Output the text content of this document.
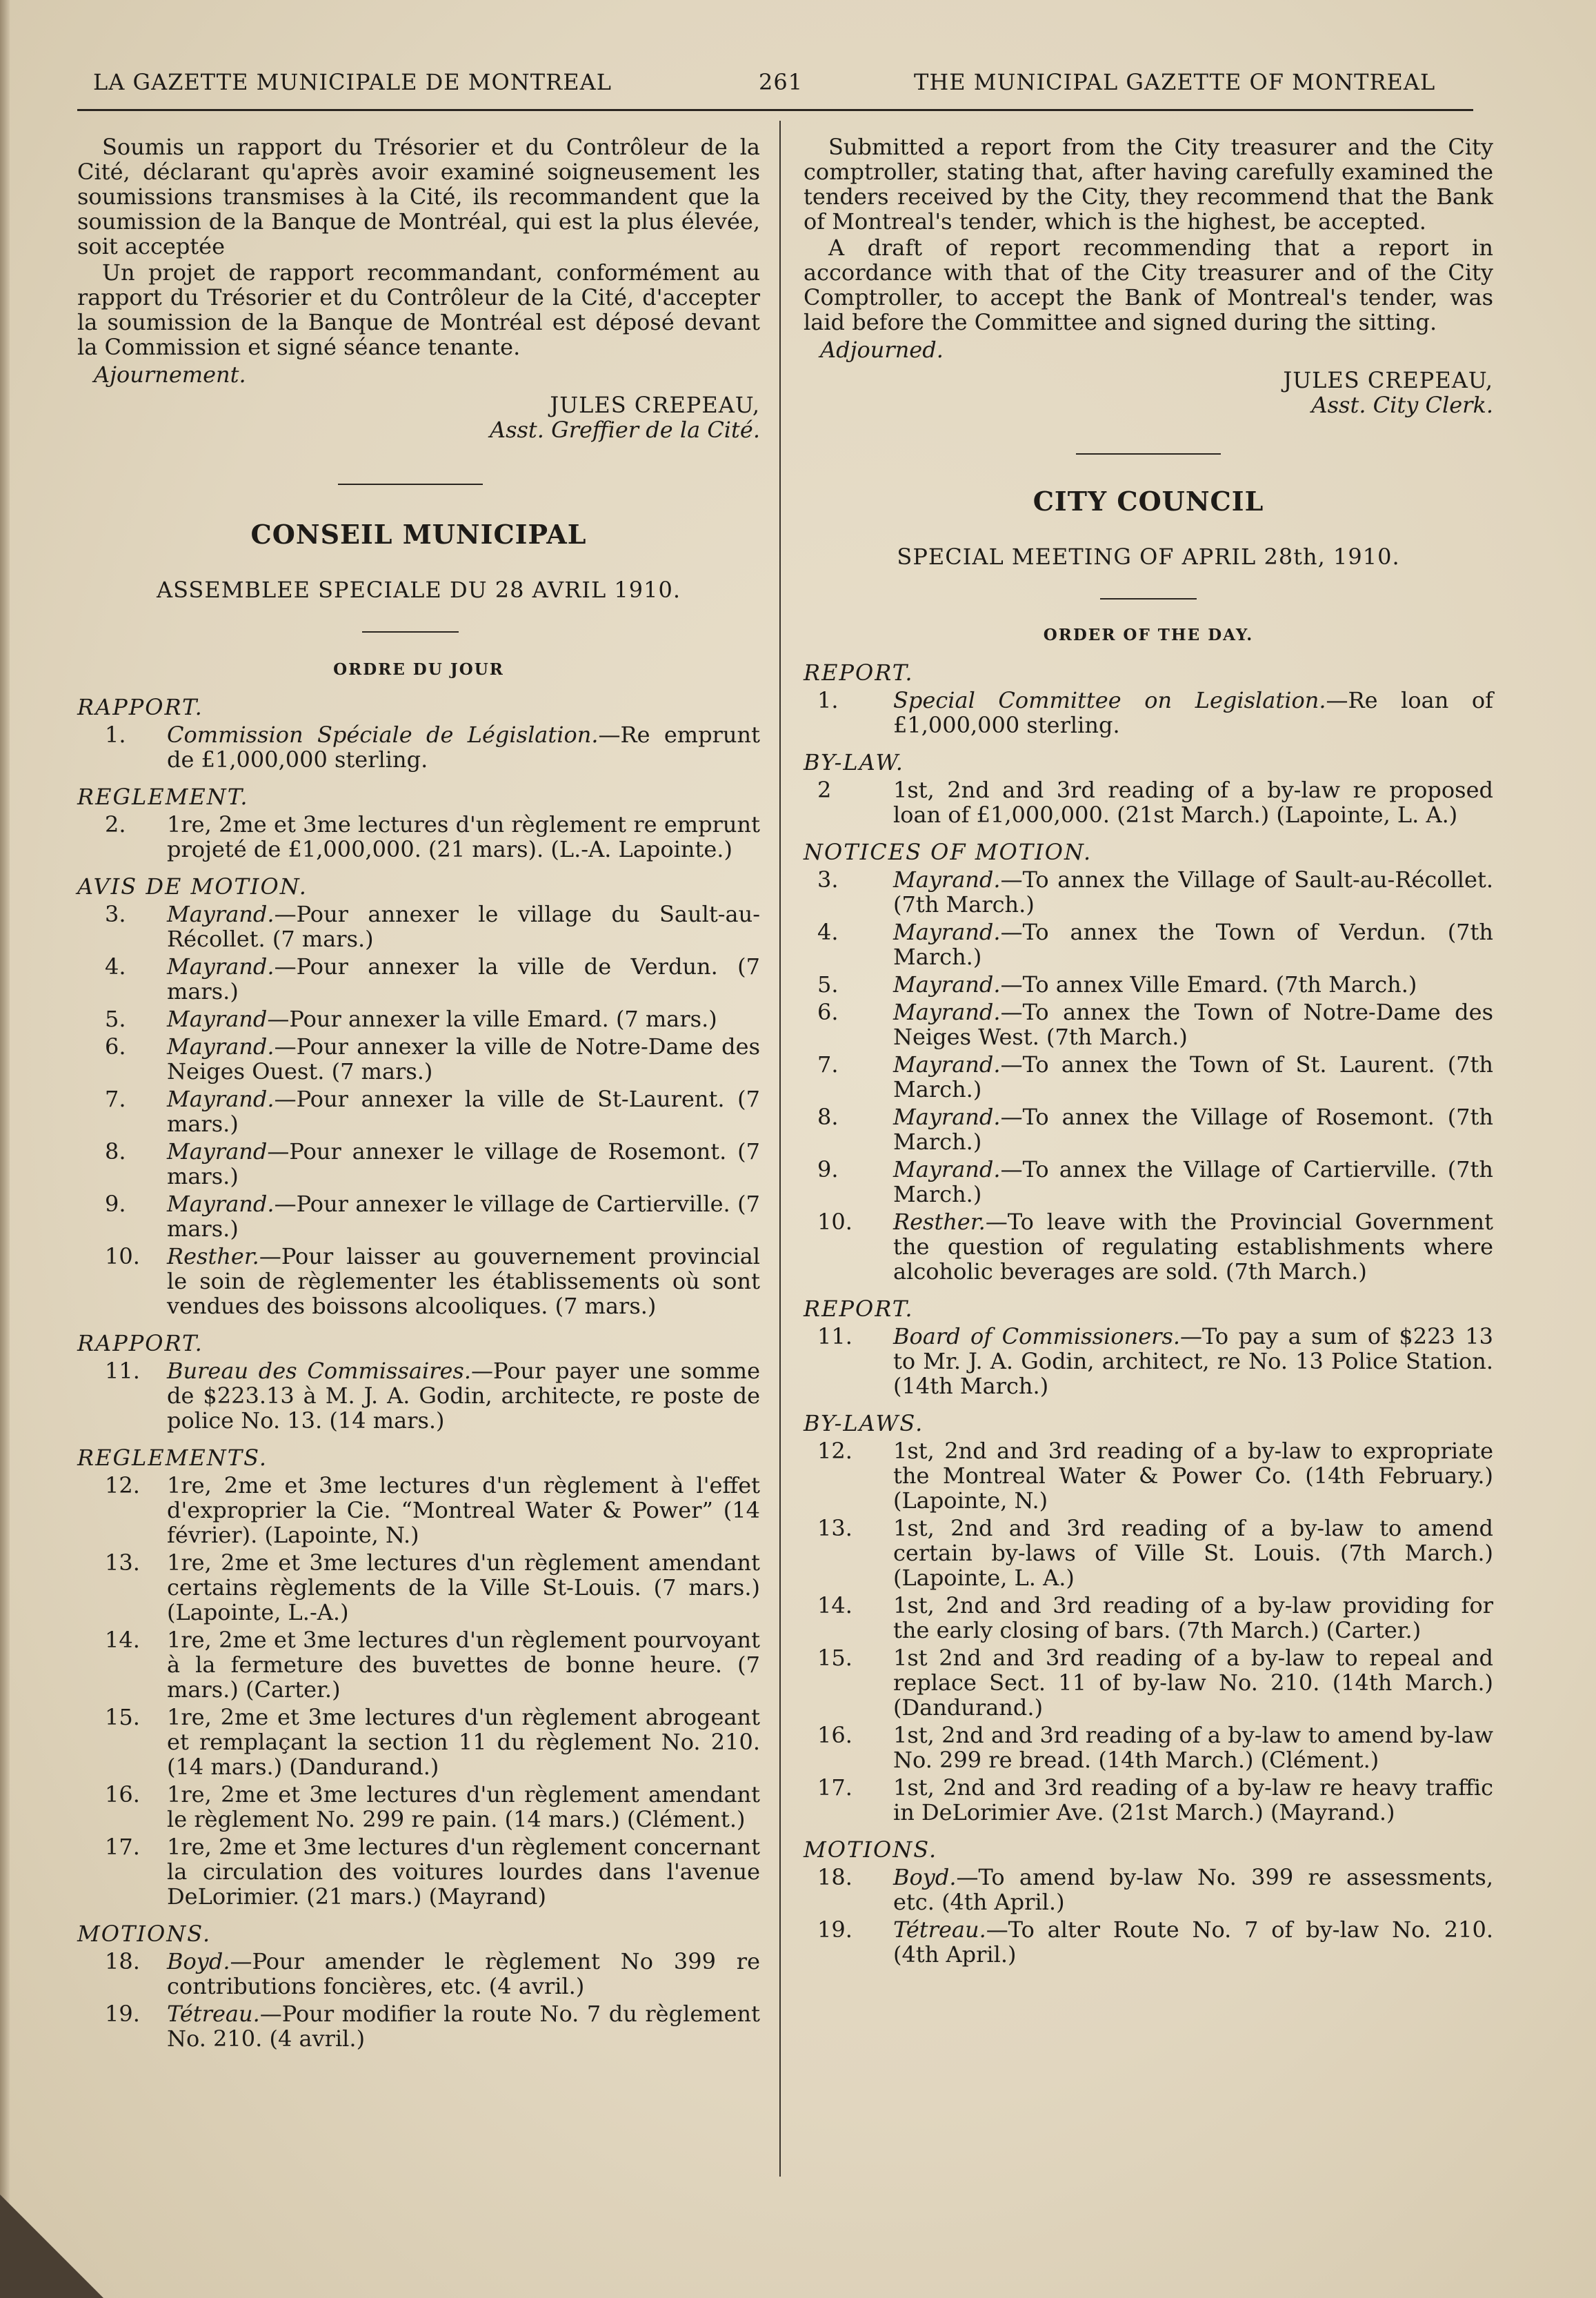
LA GAZETTE MUNICIPALE DE MONTREAL	261	THE MUNICIPAL GAZETTE OF MONTREAL
Soumis un rapport du Trésorier et du Contrôleur de la Cité, déclarant qu'après avoir examiné soigneusement les soumissions transmises à la Cité, ils recommandent que la soumission de la Banque de Montréal, qui est la plus élevée, soit acceptée
Un projet de rapport recommandant, conformément au rapport du Trésorier et du Contrôleur de la Cité, d'accepter la soumission de la Banque de Montréal est déposé devant la Commission et signé séance tenante.
Ajournement.
JULES CREPEAU,
Asst. Greffier de la Cité.
CONSEIL MUNICIPAL
ASSEMBLEE SPECIALE DU 28 AVRIL 1910.
ORDRE DU JOUR
RAPPORT.
1.	Commission Spéciale de Législation.—Re emprunt de £1,000,000 sterling.
REGLEMENT.
2.	1re, 2me et 3me lectures d'un règlement re emprunt projeté de £1,000,000. (21 mars). (L.-A. Lapointe.)
AVIS DE MOTION.
3.	Mayrand.—Pour annexer le village du Sault-au-Récollet. (7 mars.)
4.	Mayrand.—Pour annexer la ville de Verdun. (7 mars.)
5.	Mayrand—Pour annexer la ville Emard. (7 mars.)
6.	Mayrand.—Pour annexer la ville de Notre-Dame des Neiges Ouest. (7 mars.)
7.	Mayrand.—Pour annexer la ville de St-Laurent. (7 mars.)
8.	Mayrand—Pour annexer le village de Rosemont. (7 mars.)
9.	Mayrand.—Pour annexer le village de Cartierville. (7 mars.)
10.	Resther.—Pour laisser au gouvernement provincial le soin de règlementer les établissements où sont vendues des boissons alcooliques. (7 mars.)
RAPPORT.
11.	Bureau des Commissaires.—Pour payer une somme de $223.13 à M. J. A. Godin, architecte, re poste de police No. 13. (14 mars.)
REGLEMENTS.
12.	1re, 2me et 3me lectures d'un règlement à l'effet d'exproprier la Cie. “Montreal Water & Power” (14 février). (Lapointe, N.)
13.	1re, 2me et 3me lectures d'un règlement amendant certains règlements de la Ville St-Louis. (7 mars.) (Lapointe, L.-A.)
14.	1re, 2me et 3me lectures d'un règlement pourvoyant à la fermeture des buvettes de bonne heure. (7 mars.) (Carter.)
15.	1re, 2me et 3me lectures d'un règlement abrogeant et remplaçant la section 11 du règlement No. 210. (14 mars.) (Dandurand.)
16.	1re, 2me et 3me lectures d'un règlement amendant le règlement No. 299 re pain. (14 mars.) (Clément.)
17.	1re, 2me et 3me lectures d'un règlement concernant la circulation des voitures lourdes dans l'avenue DeLorimier. (21 mars.) (Mayrand)
MOTIONS.
18.	Boyd.—Pour amender le règlement No 399 re contributions foncières, etc. (4 avril.)
19.	Tétreau.—Pour modifier la route No. 7 du règlement No. 210. (4 avril.)
Submitted a report from the City treasurer and the City comptroller, stating that, after having carefully examined the tenders received by the City, they recommend that the Bank of Montreal's tender, which is the highest, be accepted.
A draft of report recommending that a report in accordance with that of the City treasurer and of the City Comptroller, to accept the Bank of Montreal's tender, was laid before the Committee and signed during the sitting.
Adjourned.
JULES CREPEAU,
Asst. City Clerk.
CITY COUNCIL
SPECIAL MEETING OF APRIL 28th, 1910.
ORDER OF THE DAY.
REPORT.
1.	Special Committee on Legislation.—Re loan of £1,000,000 sterling.
BY-LAW.
2	1st, 2nd and 3rd reading of a by-law re proposed loan of £1,000,000. (21st March.) (Lapointe, L. A.)
NOTICES OF MOTION.
3.	Mayrand.—To annex the Village of Sault-au-Récollet. (7th March.)
4.	Mayrand.—To annex the Town of Verdun. (7th March.)
5.	Mayrand.—To annex Ville Emard. (7th March.)
6.	Mayrand.—To annex the Town of Notre-Dame des Neiges West. (7th March.)
7.	Mayrand.—To annex the Town of St. Laurent. (7th March.)
8.	Mayrand.—To annex the Village of Rosemont. (7th March.)
9.	Mayrand.—To annex the Village of Cartierville. (7th March.)
10.	Resther.—To leave with the Provincial Government the question of regulating establishments where alcoholic beverages are sold. (7th March.)
REPORT.
11.	Board of Commissioners.—To pay a sum of $223 13 to Mr. J. A. Godin, architect, re No. 13 Police Station. (14th March.)
BY-LAWS.
12.	1st, 2nd and 3rd reading of a by-law to expropriate the Montreal Water & Power Co. (14th February.) (Lapointe, N.)
13.	1st, 2nd and 3rd reading of a by-law to amend certain by-laws of Ville St. Louis. (7th March.) (Lapointe, L. A.)
14.	1st, 2nd and 3rd reading of a by-law providing for the early closing of bars. (7th March.) (Carter.)
15.	1st 2nd and 3rd reading of a by-law to repeal and replace Sect. 11 of by-law No. 210. (14th March.) (Dandurand.)
16.	1st, 2nd and 3rd reading of a by-law to amend by-law No. 299 re bread. (14th March.) (Clément.)
17.	1st, 2nd and 3rd reading of a by-law re heavy traffic in DeLorimier Ave. (21st March.) (Mayrand.)
MOTIONS.
18.	Boyd.—To amend by-law No. 399 re assessments, etc. (4th April.)
19.	Tétreau.—To alter Route No. 7 of by-law No. 210. (4th April.)
